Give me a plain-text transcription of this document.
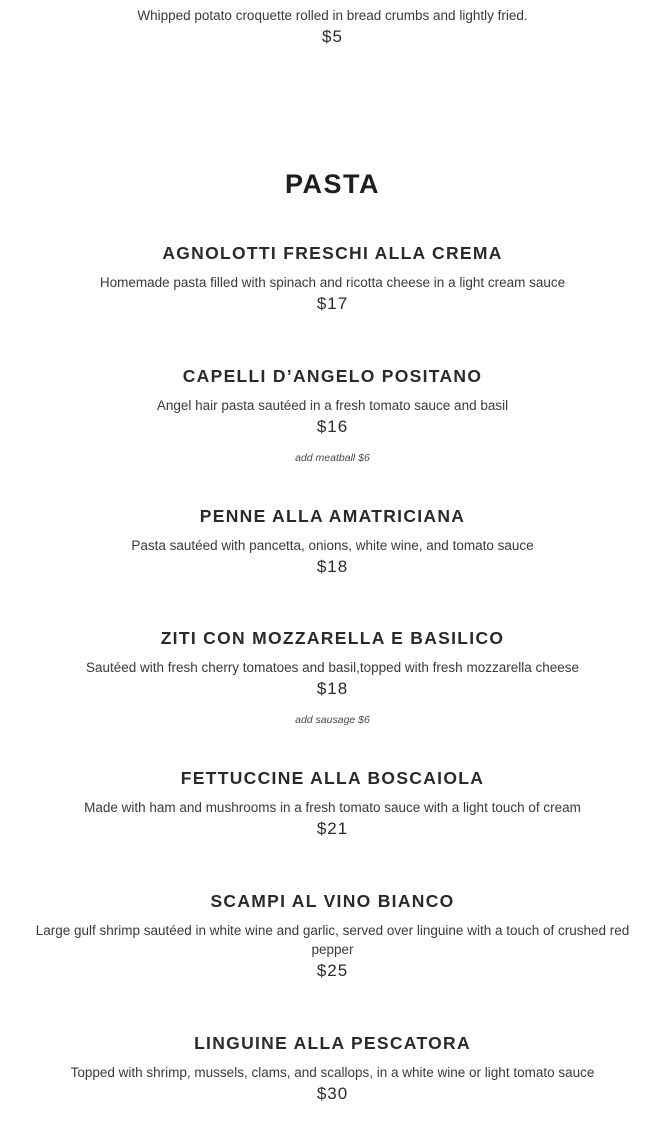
Whipped potato croquette rolled in bread crumbs and lightly fried.

$5

PASTA
AGNOLOTTI FRESCHI ALLA CREMA

Homemade pasta filled with spinach and ricotta cheese in a light cream sauce

$17

CAPELLI D’ANGELO POSITANO

Angel hair pasta sautéed in a fresh tomato sauce and basil

$16

add meatball $6

PENNE ALLA AMATRICIANA

Pasta sautéed with pancetta, onions, white wine, and tomato sauce

$18

ZITI CON MOZZARELLA E BASILICO

Sautéed with fresh cherry tomatoes and basil,topped with fresh mozzarella cheese

$18

add sausage $6

FETTUCCINE ALLA BOSCAIOLA

Made with ham and mushrooms in a fresh tomato sauce with a light touch of cream

$21

SCAMPI AL VINO BIANCO

Large gulf shrimp sautéed in white wine and garlic, served over linguine with a touch of crushed red pepper

$25

LINGUINE ALLA PESCATORA

Topped with shrimp, mussels, clams, and scallops, in a white wine or light tomato sauce

$30
